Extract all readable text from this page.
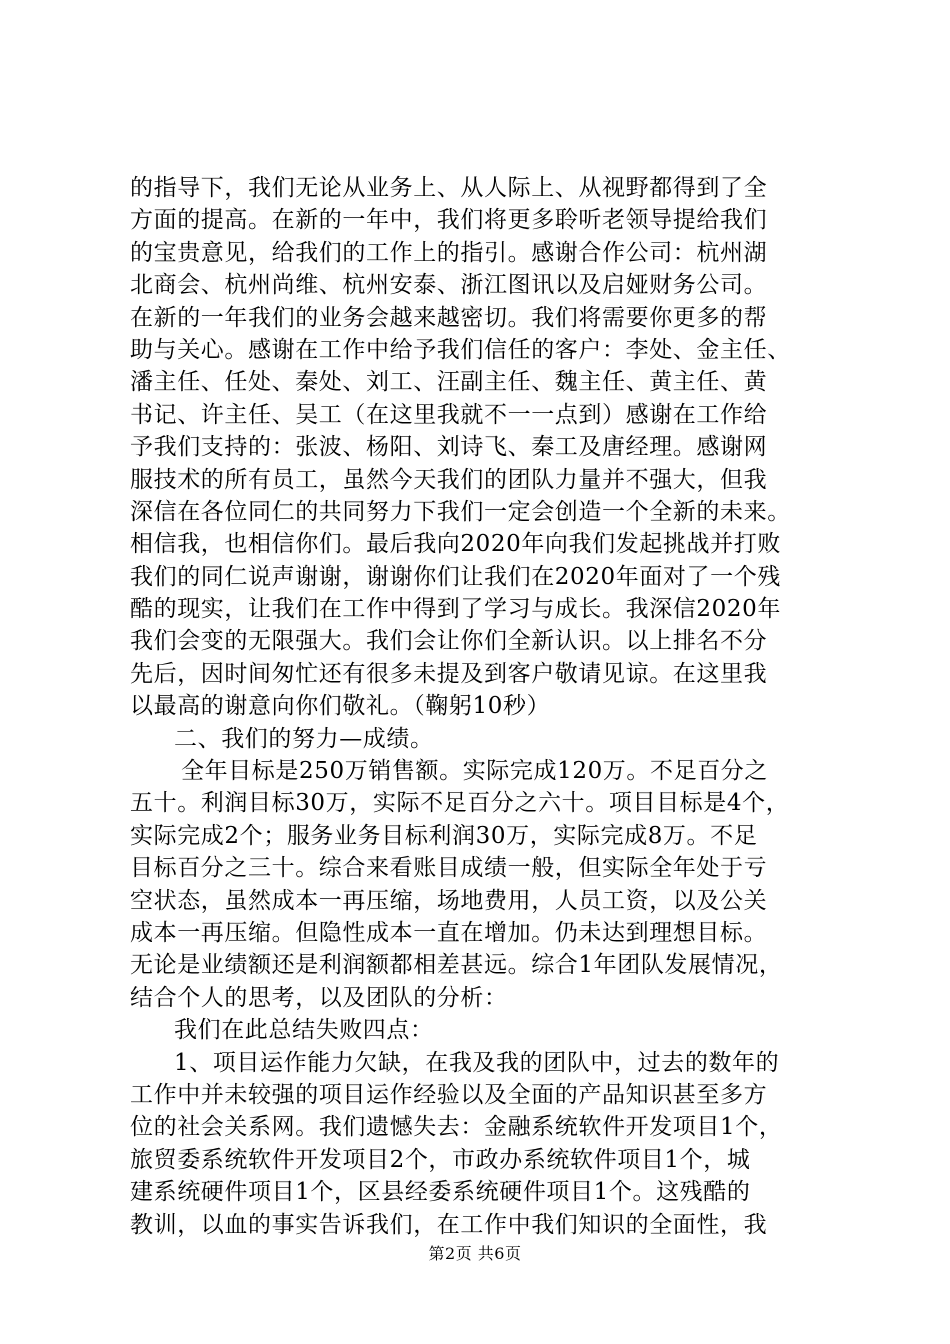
的指导下，我们无论从业务上、从人际上、从视野都得到了全
方面的提高。在新的一年中，我们将更多聆听老领导提给我们
的宝贵意见，给我们的工作上的指引。感谢合作公司：杭州湖
北商会、杭州尚维、杭州安泰、浙江图讯以及启娅财务公司。
在新的一年我们的业务会越来越密切。我们将需要你更多的帮
助与关心。感谢在工作中给予我们信任的客户：李处、金主任、
潘主任、任处、秦处、刘工、汪副主任、魏主任、黄主任、黄
书记、许主任、吴工（在这里我就不一一点到）感谢在工作给
予我们支持的：张波、杨阳、刘诗飞、秦工及唐经理。感谢网
服技术的所有员工，虽然今天我们的团队力量并不强大，但我
深信在各位同仁的共同努力下我们一定会创造一个全新的未来。
相信我，也相信你们。最后我向2020年向我们发起挑战并打败
我们的同仁说声谢谢，谢谢你们让我们在2020年面对了一个残
酷的现实，让我们在工作中得到了学习与成长。我深信2020年
我们会变的无限强大。我们会让你们全新认识。以上排名不分
先后，因时间匆忙还有很多未提及到客户敬请见谅。在这里我
以最高的谢意向你们敬礼。（鞠躬10秒）
二、我们的努力—成绩。
全年目标是250万销售额。实际完成120万。不足百分之
五十。利润目标30万，实际不足百分之六十。项目目标是4个，
实际完成2个；服务业务目标利润30万，实际完成8万。不足
目标百分之三十。综合来看账目成绩一般，但实际全年处于亏
空状态，虽然成本一再压缩，场地费用，人员工资，以及公关
成本一再压缩。但隐性成本一直在增加。仍未达到理想目标。
无论是业绩额还是利润额都相差甚远。综合1年团队发展情况，
结合个人的思考，以及团队的分析：
我们在此总结失败四点：
1、项目运作能力欠缺，在我及我的团队中，过去的数年的
工作中并未较强的项目运作经验以及全面的产品知识甚至多方
位的社会关系网。我们遗憾失去：金融系统软件开发项目1个，
旅贸委系统软件开发项目2个，市政办系统软件项目1个，城
建系统硬件项目1个，区县经委系统硬件项目1个。这残酷的
教训，以血的事实告诉我们，在工作中我们知识的全面性，我
第2页 共6页
